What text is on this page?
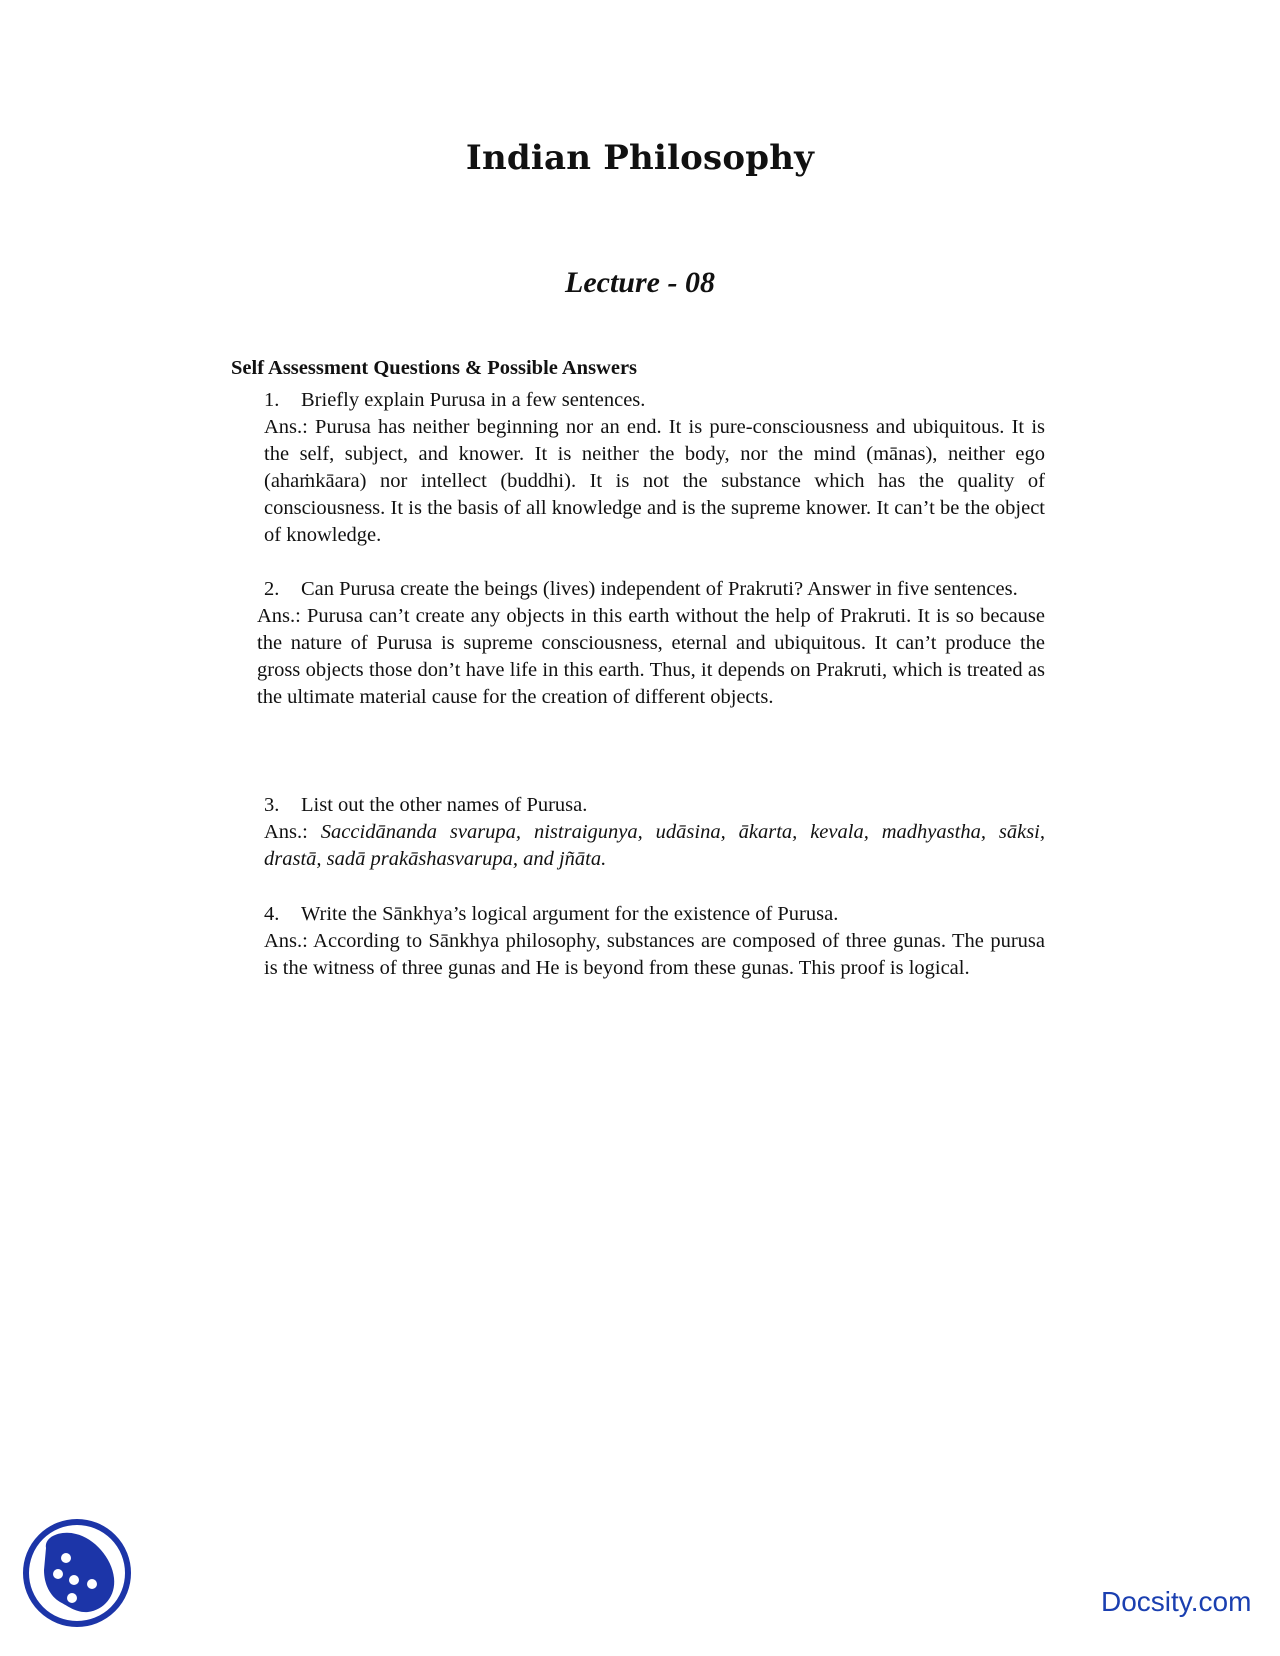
Indian Philosophy
Lecture - 08
Self Assessment Questions & Possible Answers
1.	Briefly explain Purusa in a few sentences.
Ans.: Purusa has neither beginning nor an end. It is pure-consciousness and ubiquitous. It is the self, subject, and knower. It is neither the body, nor the mind (mānas), neither ego (ahaṁkāara) nor intellect (buddhi). It is not the substance which has the quality of consciousness. It is the basis of all knowledge and is the supreme knower. It can’t be the object of knowledge.
2.	Can Purusa create the beings (lives) independent of Prakruti? Answer in five sentences.
Ans.: Purusa can’t create any objects in this earth without the help of Prakruti. It is so because the nature of Purusa is supreme consciousness, eternal and ubiquitous. It can’t produce the gross objects those don’t have life in this earth. Thus, it depends on Prakruti, which is treated as the ultimate material cause for the creation of different objects.
3.	List out the other names of Purusa.
Ans.: Saccidānanda svarupa, nistraigunya, udāsina, ākarta, kevala, madhyastha, sāksi, drastā, sadā prakāshasvarupa, and jñāta.
4.	Write the Sānkhya’s logical argument for the existence of Purusa.
Ans.: According to Sānkhya philosophy, substances are composed of three gunas. The purusa is the witness of three gunas and He is beyond from these gunas. This proof is logical.
Docsity.com
